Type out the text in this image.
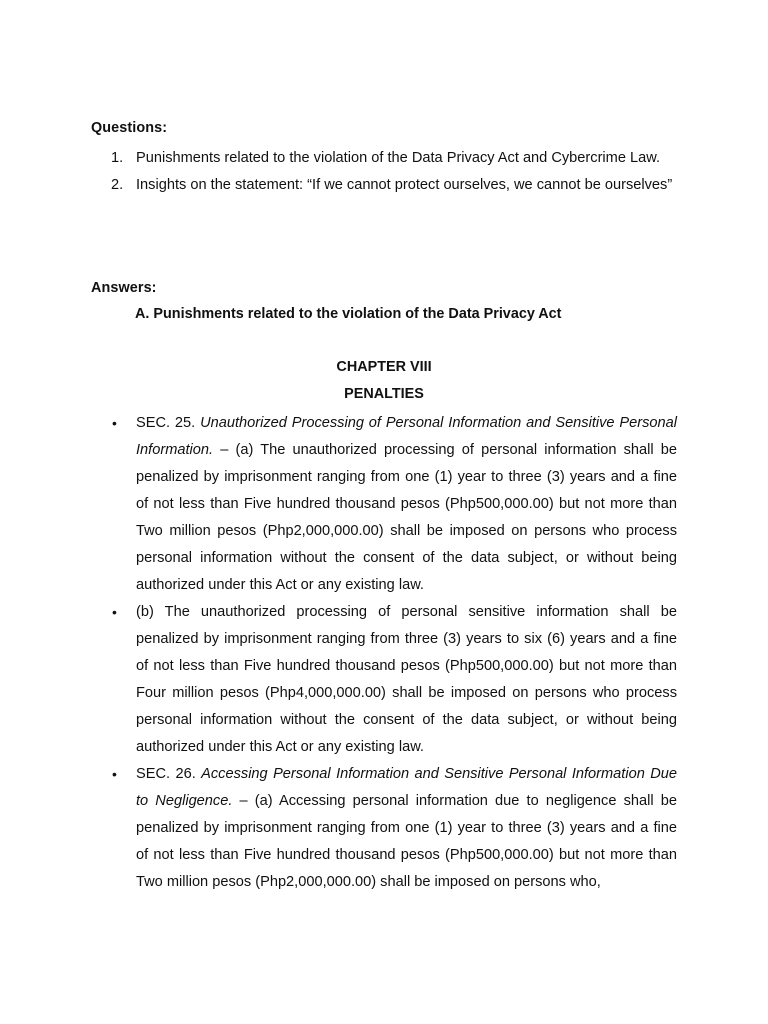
Questions:
1. Punishments related to the violation of the Data Privacy Act and Cybercrime Law.
2. Insights on the statement: “If we cannot protect ourselves, we cannot be ourselves”
Answers:
A. Punishments related to the violation of the Data Privacy Act
CHAPTER VIII
PENALTIES
• SEC. 25. Unauthorized Processing of Personal Information and Sensitive Personal Information. – (a) The unauthorized processing of personal information shall be penalized by imprisonment ranging from one (1) year to three (3) years and a fine of not less than Five hundred thousand pesos (Php500,000.00) but not more than Two million pesos (Php2,000,000.00) shall be imposed on persons who process personal information without the consent of the data subject, or without being authorized under this Act or any existing law.
• (b) The unauthorized processing of personal sensitive information shall be penalized by imprisonment ranging from three (3) years to six (6) years and a fine of not less than Five hundred thousand pesos (Php500,000.00) but not more than Four million pesos (Php4,000,000.00) shall be imposed on persons who process personal information without the consent of the data subject, or without being authorized under this Act or any existing law.
• SEC. 26. Accessing Personal Information and Sensitive Personal Information Due to Negligence. – (a) Accessing personal information due to negligence shall be penalized by imprisonment ranging from one (1) year to three (3) years and a fine of not less than Five hundred thousand pesos (Php500,000.00) but not more than Two million pesos (Php2,000,000.00) shall be imposed on persons who,
